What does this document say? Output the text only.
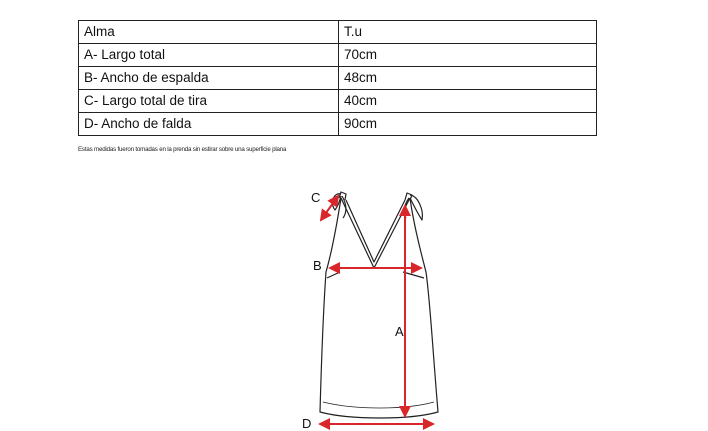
Alma	T.u
A- Largo total	70cm
B- Ancho de espalda	48cm
C- Largo total de tira	40cm
D- Ancho de falda	90cm
Estas medidas fueron tomadas en la prenda sin estirar sobre una superficie plana
C
B
A
D
